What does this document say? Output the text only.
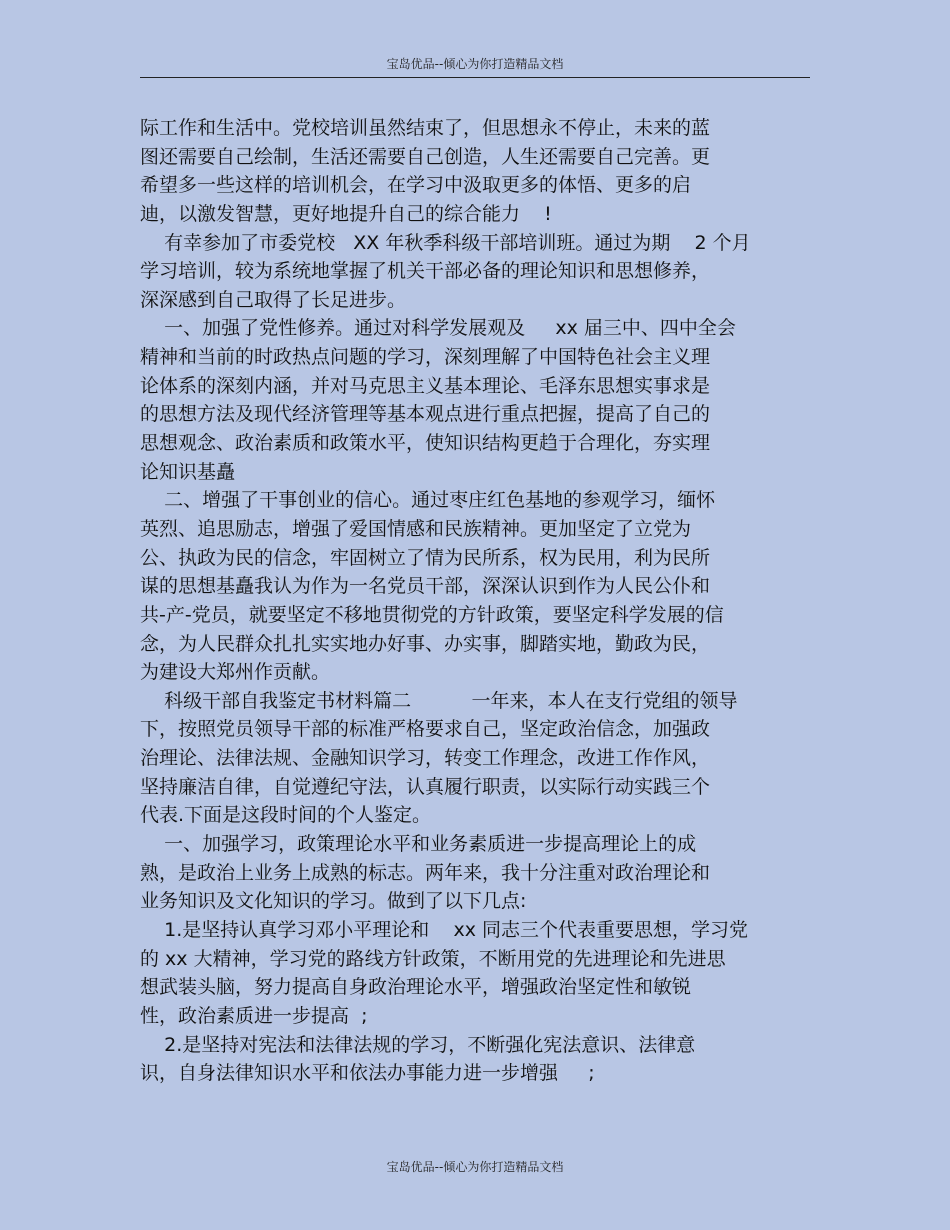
宝岛优品--倾心为你打造精品文档
际工作和生活中。党校培训虽然结束了，但思想永不停止，未来的蓝
图还需要自己绘制，生活还需要自己创造，人生还需要自己完善。更
希望多一些这样的培训机会，在学习中汲取更多的体悟、更多的启
迪，以激发智慧，更好地提升自己的综合能力    !
有幸参加了市委党校   XX 年秋季科级干部培训班。通过为期    2 个月
学习培训，较为系统地掌握了机关干部必备的理论知识和思想修养，
深深感到自己取得了长足进步。
一、加强了党性修养。通过对科学发展观及     xx 届三中、四中全会
精神和当前的时政热点问题的学习，深刻理解了中国特色社会主义理
论体系的深刻内涵，并对马克思主义基本理论、毛泽东思想实事求是
的思想方法及现代经济管理等基本观点进行重点把握，提高了自己的
思想观念、政治素质和政策水平，使知识结构更趋于合理化，夯实理
论知识基矗
二、增强了干事创业的信心。通过枣庄红色基地的参观学习，缅怀
英烈、追思励志，增强了爱国情感和民族精神。更加坚定了立党为
公、执政为民的信念，牢固树立了情为民所系，权为民用，利为民所
谋的思想基矗我认为作为一名党员干部，深深认识到作为人民公仆和
共-产-党员，就要坚定不移地贯彻党的方针政策，要坚定科学发展的信
念，为人民群众扎扎实实地办好事、办实事，脚踏实地，勤政为民，
为建设大郑州作贡献。
科级干部自我鉴定书材料篇二          一年来，本人在支行党组的领导
下，按照党员领导干部的标准严格要求自己，坚定政治信念，加强政
治理论、法律法规、金融知识学习，转变工作理念，改进工作作风，
坚持廉洁自律，自觉遵纪守法，认真履行职责，以实际行动实践三个
代表.下面是这段时间的个人鉴定。
一、加强学习，政策理论水平和业务素质进一步提高理论上的成
熟，是政治上业务上成熟的标志。两年来，我十分注重对政治理论和
业务知识及文化知识的学习。做到了以下几点:
1.是坚持认真学习邓小平理论和    xx 同志三个代表重要思想，学习党
的 xx 大精神，学习党的路线方针政策，不断用党的先进理论和先进思
想武装头脑，努力提高自身政治理论水平，增强政治坚定性和敏锐
性，政治素质进一步提高  ;
2.是坚持对宪法和法律法规的学习，不断强化宪法意识、法律意
识，自身法律知识水平和依法办事能力进一步增强     ;
宝岛优品--倾心为你打造精品文档
